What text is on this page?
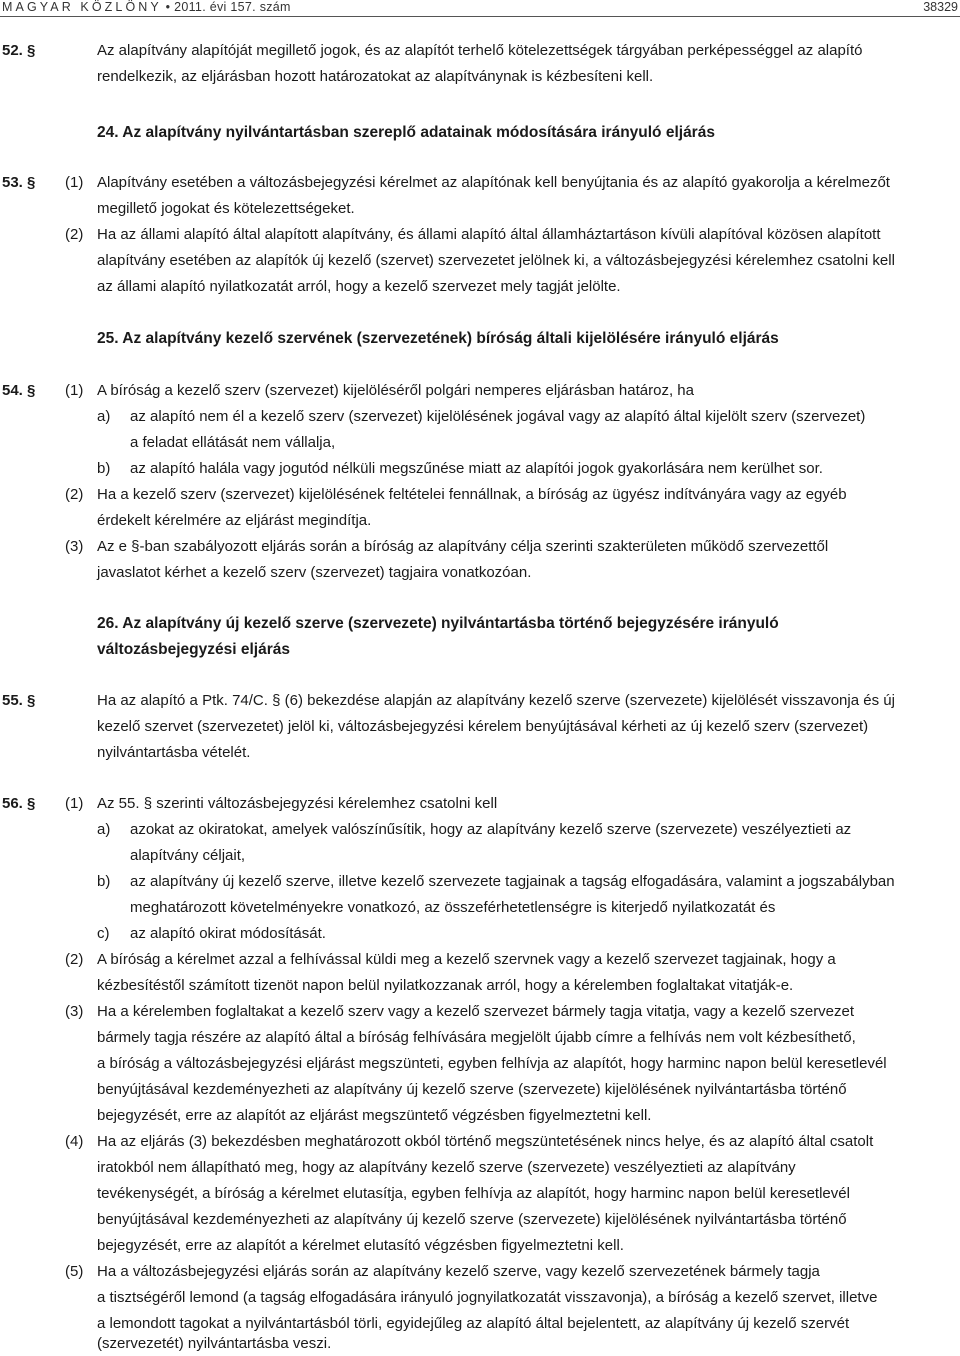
MAGYAR KÖZLÖNY • 2011. évi 157. szám	38329
52. §	Az alapítvány alapítóját megillető jogok, és az alapítót terhelő kötelezettségek tárgyában perképességgel az alapító
rendelkezik, az eljárásban hozott határozatokat az alapítványnak is kézbesíteni kell.
24. Az alapítvány nyilvántartásban szereplő adatainak módosítására irányuló eljárás
53. § (1) Alapítvány esetében a változásbejegyzési kérelmet az alapítónak kell benyújtania és az alapító gyakorolja a kérelmezőt
megillető jogokat és kötelezettségeket.
(2) Ha az állami alapító által alapított alapítvány, és állami alapító által államháztartáson kívüli alapítóval közösen alapított
alapítvány esetében az alapítók új kezelő (szervet) szervezetet jelölnek ki, a változásbejegyzési kérelemhez csatolni kell
az állami alapító nyilatkozatát arról, hogy a kezelő szervezet mely tagját jelölte.
25. Az alapítvány kezelő szervének (szervezetének) bíróság általi kijelölésére irányuló eljárás
54. § (1) A bíróság a kezelő szerv (szervezet) kijelöléséről polgári nemperes eljárásban határoz, ha
a) az alapító nem él a kezelő szerv (szervezet) kijelölésének jogával vagy az alapító által kijelölt szerv (szervezet)
a feladat ellátását nem vállalja,
b) az alapító halála vagy jogutód nélküli megszűnése miatt az alapítói jogok gyakorlására nem kerülhet sor.
(2) Ha a kezelő szerv (szervezet) kijelölésének feltételei fennállnak, a bíróság az ügyész indítványára vagy az egyéb
érdekelt kérelmére az eljárást megindítja.
(3) Az e §-ban szabályozott eljárás során a bíróság az alapítvány célja szerinti szakterületen működő szervezettől
javaslatot kérhet a kezelő szerv (szervezet) tagjaira vonatkozóan.
26. Az alapítvány új kezelő szerve (szervezete) nyilvántartásba történő bejegyzésére irányuló
változásbejegyzési eljárás
55. §	Ha az alapító a Ptk. 74/C. § (6) bekezdése alapján az alapítvány kezelő szerve (szervezete) kijelölését visszavonja és új
kezelő szervet (szervezetet) jelöl ki, változásbejegyzési kérelem benyújtásával kérheti az új kezelő szerv (szervezet)
nyilvántartásba vételét.
56. § (1) Az 55. § szerinti változásbejegyzési kérelemhez csatolni kell
a) azokat az okiratokat, amelyek valószínűsítik, hogy az alapítvány kezelő szerve (szervezete) veszélyeztieti az
alapítvány céljait,
b) az alapítvány új kezelő szerve, illetve kezelő szervezete tagjainak a tagság elfogadására, valamint a jogszabályban
meghatározott követelményekre vonatkozó, az összeférhetetlenségre is kiterjedő nyilatkozatát és
c) az alapító okirat módosítását.
(2) A bíróság a kérelmet azzal a felhívással küldi meg a kezelő szervnek vagy a kezelő szervezet tagjainak, hogy a
kézbesítéstől számított tizenöt napon belül nyilatkozzanak arról, hogy a kérelemben foglaltakat vitatják-e.
(3) Ha a kérelemben foglaltakat a kezelő szerv vagy a kezelő szervezet bármely tagja vitatja, vagy a kezelő szervezet
bármely tagja részére az alapító által a bíróság felhívására megjelölt újabb címre a felhívás nem volt kézbesíthető,
a bíróság a változásbejegyzési eljárást megszünteti, egyben felhívja az alapítót, hogy harminc napon belül keresetlevél
benyújtásával kezdeményezheti az alapítvány új kezelő szerve (szervezete) kijelölésének nyilvántartásba történő
bejegyzését, erre az alapítót az eljárást megszüntető végzésben figyelmeztetni kell.
(4) Ha az eljárás (3) bekezdésben meghatározott okból történő megszüntetésének nincs helye, és az alapító által csatolt
iratokból nem állapítható meg, hogy az alapítvány kezelő szerve (szervezete) veszélyeztieti az alapítvány
tevékenységét, a bíróság a kérelmet elutasítja, egyben felhívja az alapítót, hogy harminc napon belül keresetlevél
benyújtásával kezdeményezheti az alapítvány új kezelő szerve (szervezete) kijelölésének nyilvántartásba történő
bejegyzését, erre az alapítót a kérelmet elutasító végzésben figyelmeztetni kell.
(5) Ha a változásbejegyzési eljárás során az alapítvány kezelő szerve, vagy kezelő szervezetének bármely tagja
a tisztségéről lemond (a tagság elfogadására irányuló jognyilatkozatát visszavonja), a bíróság a kezelő szervet, illetve
a lemondott tagokat a nyilvántartásból törli, egyidejűleg az alapító által bejelentett, az alapítvány új kezelő szervét
(szervezetét) nyilvántartásba veszi.
